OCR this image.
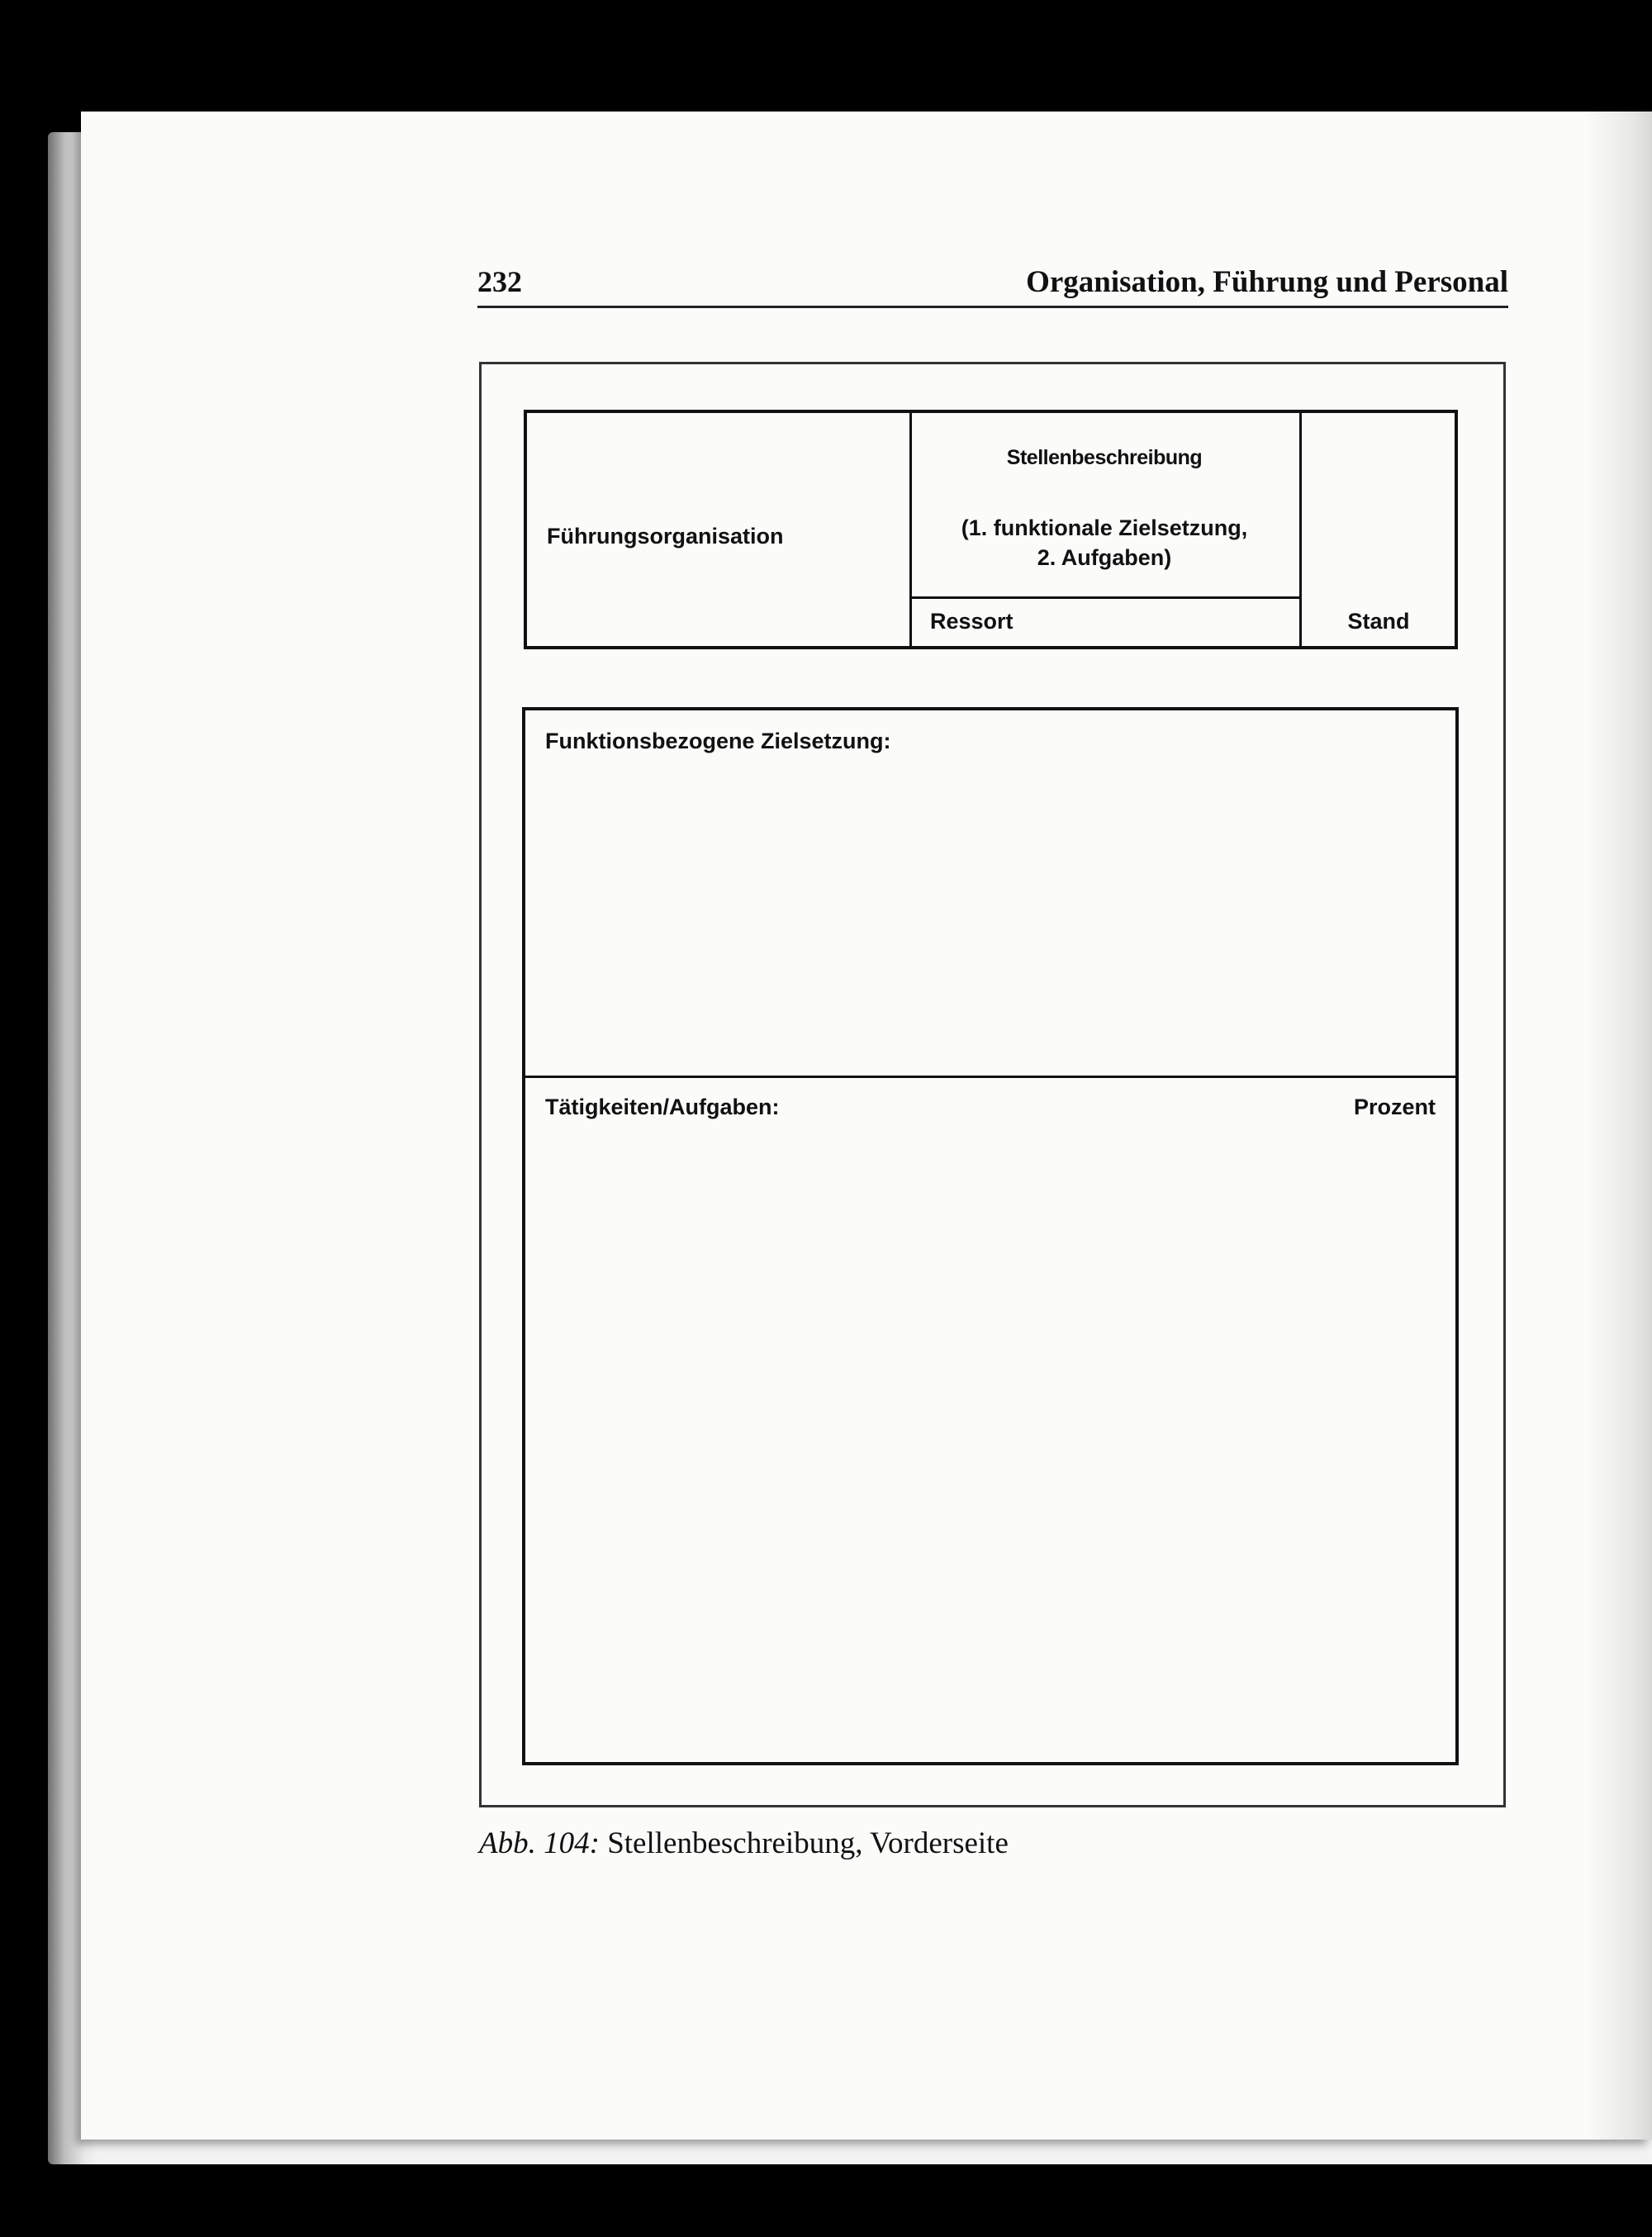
232	Organisation, Führung und Personal
Führungsorganisation
Stellenbeschreibung
(1. funktionale Zielsetzung,
2. Aufgaben)
Ressort	Stand
Funktionsbezogene Zielsetzung:
Tätigkeiten/Aufgaben:	Prozent
Abb. 104: Stellenbeschreibung, Vorderseite
